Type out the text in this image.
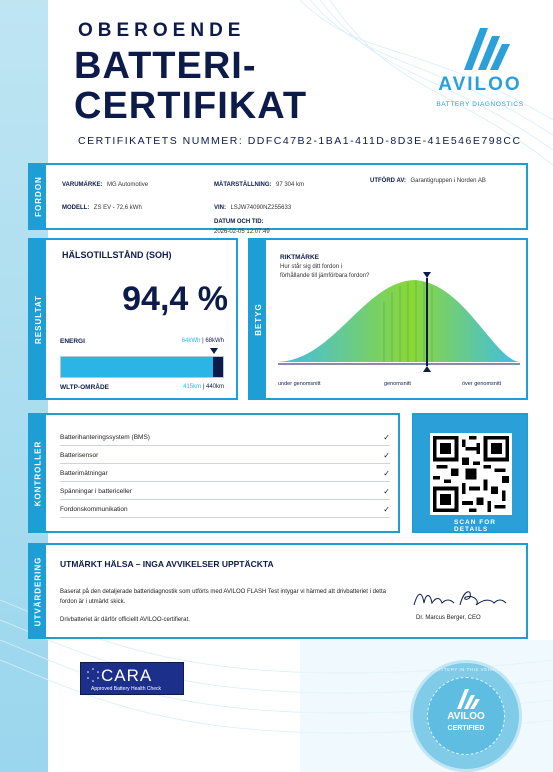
OBEROENDE
BATTERI-
CERTIFIKAT
CERTIFIKATETS NUMMER: DDFC47B2-1BA1-411D-8D3E-41E546E798CC
AVILOO
BATTERY DIAGNOSTICS
FORDON	VARUMÄRKE: MG Automotive
MODELL: ZS EV - 72,6 kWh
MÄTARSTÄLLNING: 97 304 km
VIN: LSJW74090NZ255633
DATUM OCH TID:
2026-02-05 12:07:49
UTFÖRD AV: Garantigruppen i Norden AB
RESULTAT
HÄLSOTILLSTÅND (SOH)
94,4 %
ENERGI	64kWh | 68kWh
WLTP-OMRÅDE	415km | 440km
BETYG
RIKTMÄRKE
Hur står sig ditt fordon i förhållande till jämförbara fordon?
under genomsnitt	genomsnitt	över genomsnitt
KONTROLLER
Batterihanteringssystem (BMS)	✓
Batterisensor	✓
Batterimätningar	✓
Spänningar i battericeller	✓
Fordonskommunikation	✓
SCAN FOR DETAILS
UTVÄRDERING UTMÄRKT HÄLSA – INGA AVVIKELSER UPPTÄCKTA
Baserat på den detaljerade batteridiagnostik som utförts med AVILOO FLASH Test intygar vi härmed att drivbatteriet i detta fordon är i utmärkt skick.
Drivbatteriet är därför officiellt AVILOO-certifierat.	Dr. Marcus Berger, CEO
CARA
Approved Battery Health Check
AVILOO
CERTIFIED
THE BATTERY IN THIS VEHICLE IS
